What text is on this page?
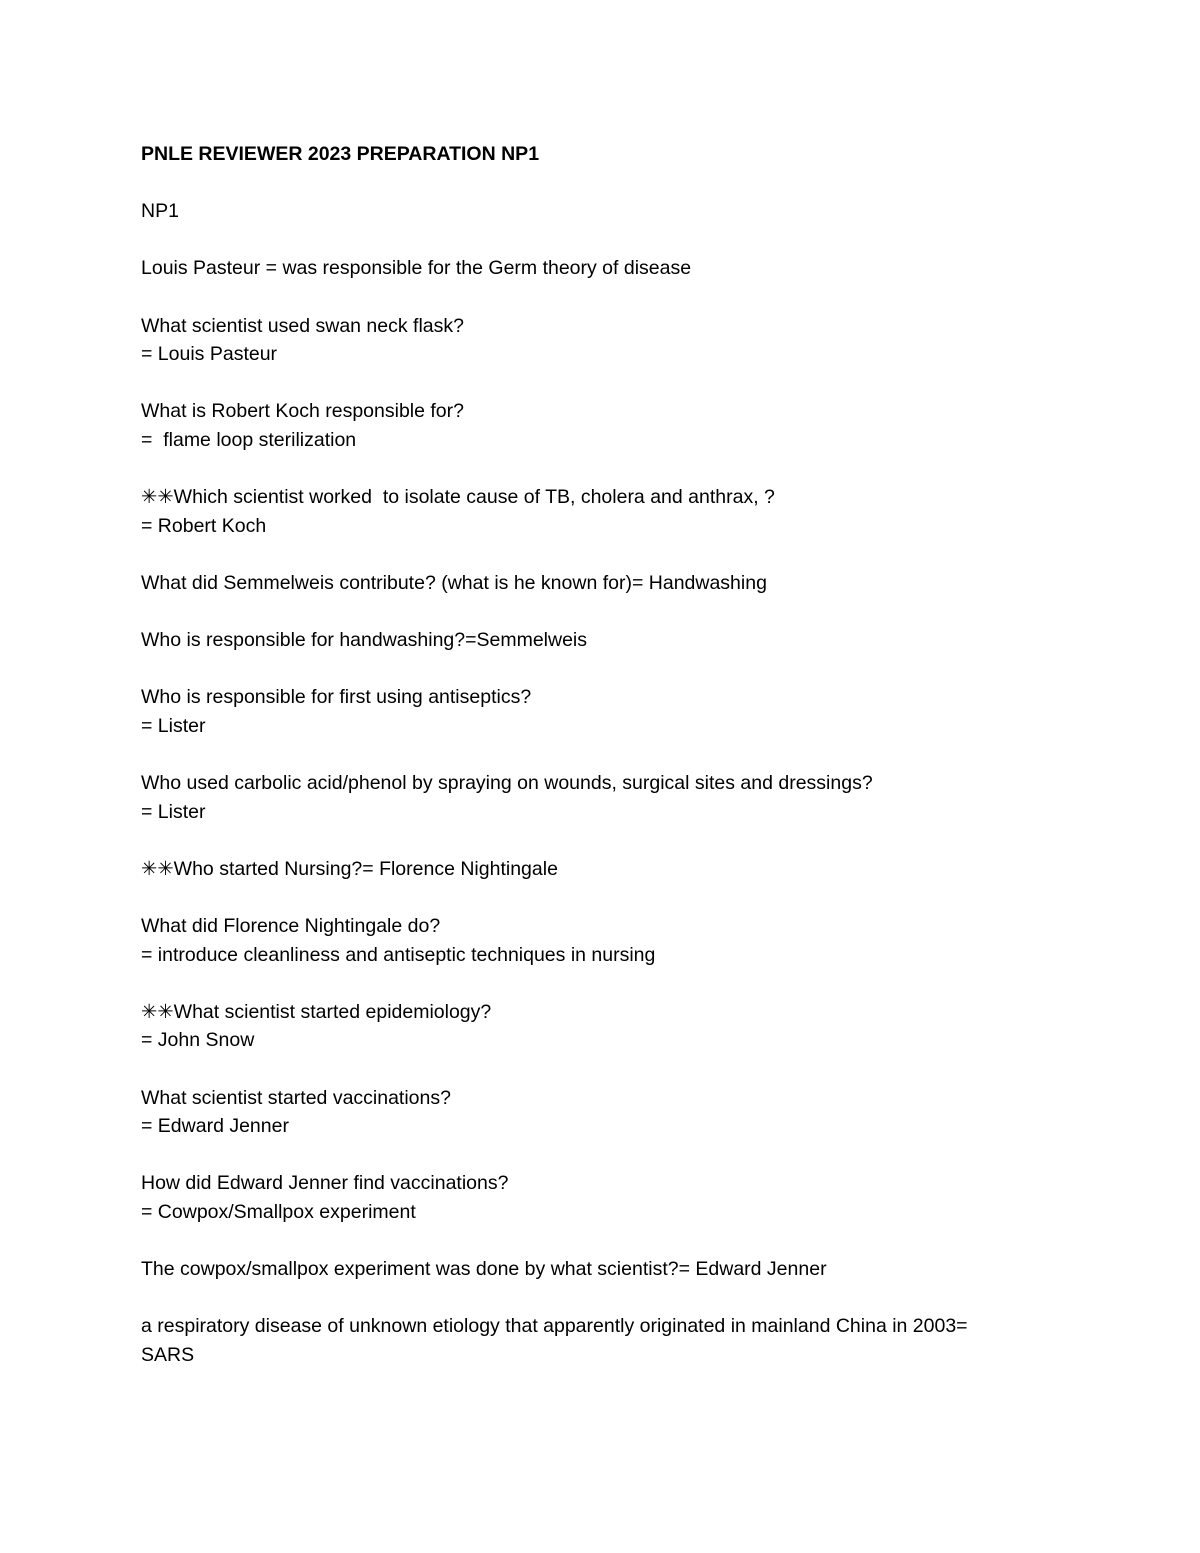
PNLE REVIEWER 2023 PREPARATION NP1

NP1

Louis Pasteur = was responsible for the Germ theory of disease

What scientist used swan neck flask?
= Louis Pasteur

What is Robert Koch responsible for?
=  flame loop sterilization

✳✳Which scientist worked  to isolate cause of TB, cholera and anthrax, ?
= Robert Koch

What did Semmelweis contribute? (what is he known for)= Handwashing

Who is responsible for handwashing?=Semmelweis

Who is responsible for first using antiseptics?
= Lister

Who used carbolic acid/phenol by spraying on wounds, surgical sites and dressings?
= Lister

✳✳Who started Nursing?= Florence Nightingale

What did Florence Nightingale do?
= introduce cleanliness and antiseptic techniques in nursing

✳✳What scientist started epidemiology?
= John Snow

What scientist started vaccinations?
= Edward Jenner

How did Edward Jenner find vaccinations?
= Cowpox/Smallpox experiment

The cowpox/smallpox experiment was done by what scientist?= Edward Jenner

a respiratory disease of unknown etiology that apparently originated in mainland China in 2003=
SARS
